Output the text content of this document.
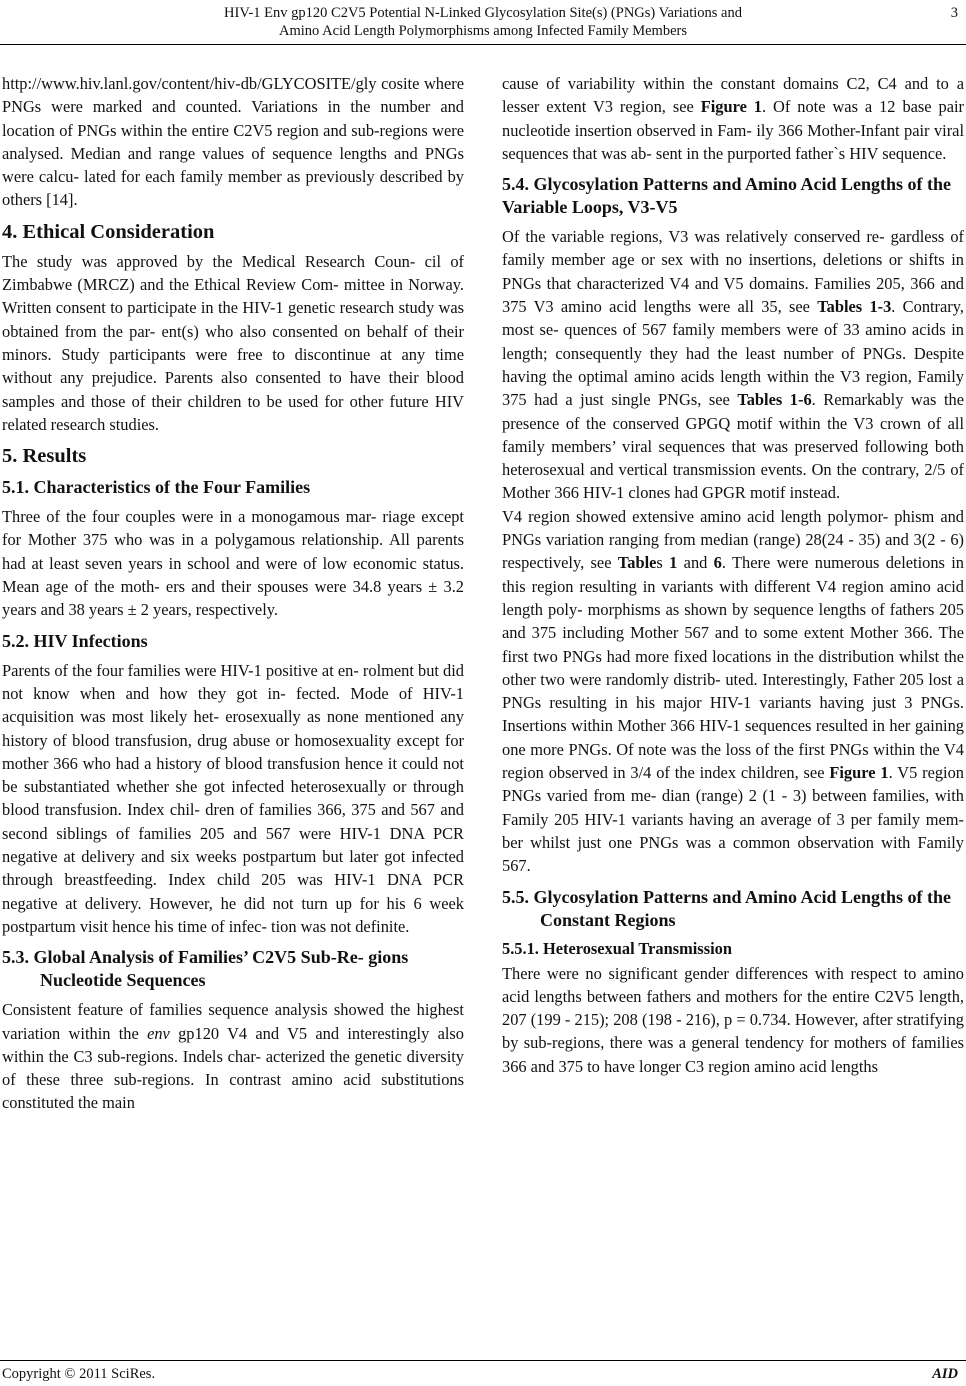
HIV-1 Env gp120 C2V5 Potential N-Linked Glycosylation Site(s) (PNGs) Variations and
Amino Acid Length Polymorphisms among Infected Family Members
3

http://www.hiv.lanl.gov/content/hiv-db/GLYCOSITE/gly cosite where PNGs were marked and counted. Variations in the number and location of PNGs within the entire C2V5 region and sub-regions were analysed. Median and range values of sequence lengths and PNGs were calcu- lated for each family member as previously described by others [14].

4. Ethical Consideration

The study was approved by the Medical Research Coun- cil of Zimbabwe (MRCZ) and the Ethical Review Com- mittee in Norway. Written consent to participate in the HIV-1 genetic research study was obtained from the par- ent(s) who also consented on behalf of their minors. Study participants were free to discontinue at any time without any prejudice. Parents also consented to have their blood samples and those of their children to be used for other future HIV related research studies.

5. Results
5.1. Characteristics of the Four Families

Three of the four couples were in a monogamous mar- riage except for Mother 375 who was in a polygamous relationship. All parents had at least seven years in school and were of low economic status. Mean age of the moth- ers and their spouses were 34.8 years ± 3.2 years and 38 years ± 2 years, respectively.

5.2. HIV Infections

Parents of the four families were HIV-1 positive at en- rolment but did not know when and how they got in- fected. Mode of HIV-1 acquisition was most likely het- erosexually as none mentioned any history of blood transfusion, drug abuse or homosexuality except for mother 366 who had a history of blood transfusion hence it could not be substantiated whether she got infected heterosexually or through blood transfusion. Index chil- dren of families 366, 375 and 567 and second siblings of families 205 and 567 were HIV-1 DNA PCR negative at delivery and six weeks postpartum but later got infected through breastfeeding. Index child 205 was HIV-1 DNA PCR negative at delivery. However, he did not turn up for his 6 week postpartum visit hence his time of infec- tion was not definite.

5.3. Global Analysis of Families’ C2V5 Sub-Re- gions Nucleotide Sequences

Consistent feature of families sequence analysis showed the highest variation within the env gp120 V4 and V5 and interestingly also within the C3 sub-regions. Indels char- acterized the genetic diversity of these three sub-regions. In contrast amino acid substitutions constituted the main

cause of variability within the constant domains C2, C4 and to a lesser extent V3 region, see Figure 1. Of note was a 12 base pair nucleotide insertion observed in Fam- ily 366 Mother-Infant pair viral sequences that was ab- sent in the purported father`s HIV sequence.

5.4. Glycosylation Patterns and Amino Acid Lengths of the Variable Loops, V3-V5

Of the variable regions, V3 was relatively conserved re- gardless of family member age or sex with no insertions, deletions or shifts in PNGs that characterized V4 and V5 domains. Families 205, 366 and 375 V3 amino acid lengths were all 35, see Tables 1-3. Contrary, most se- quences of 567 family members were of 33 amino acids in length; consequently they had the least number of PNGs. Despite having the optimal amino acids length within the V3 region, Family 375 had a just single PNGs, see Tables 1-6. Remarkably was the presence of the conserved GPGQ motif within the V3 crown of all family members’ viral sequences that was preserved following both heterosexual and vertical transmission events. On the contrary, 2/5 of Mother 366 HIV-1 clones had GPGR motif instead.

V4 region showed extensive amino acid length polymor- phism and PNGs variation ranging from median (range) 28(24 - 35) and 3(2 - 6) respectively, see Tables 1 and 6. There were numerous deletions in this region resulting in variants with different V4 region amino acid length poly- morphisms as shown by sequence lengths of fathers 205 and 375 including Mother 567 and to some extent Mother 366. The first two PNGs had more fixed locations in the distribution whilst the other two were randomly distrib- uted. Interestingly, Father 205 lost a PNGs resulting in his major HIV-1 variants having just 3 PNGs. Insertions within Mother 366 HIV-1 sequences resulted in her gaining one more PNGs. Of note was the loss of the first PNGs within the V4 region observed in 3/4 of the index children, see Figure 1. V5 region PNGs varied from me- dian (range) 2 (1 - 3) between families, with Family 205 HIV-1 variants having an average of 3 per family mem- ber whilst just one PNGs was a common observation with Family 567.

5.5. Glycosylation Patterns and Amino Acid Lengths of the Constant Regions
5.5.1. Heterosexual Transmission

There were no significant gender differences with respect to amino acid lengths between fathers and mothers for the entire C2V5 length, 207 (199 - 215); 208 (198 - 216), p = 0.734. However, after stratifying by sub-regions, there was a general tendency for mothers of families 366 and 375 to have longer C3 region amino acid lengths

Copyright © 2011 SciRes.	AID
